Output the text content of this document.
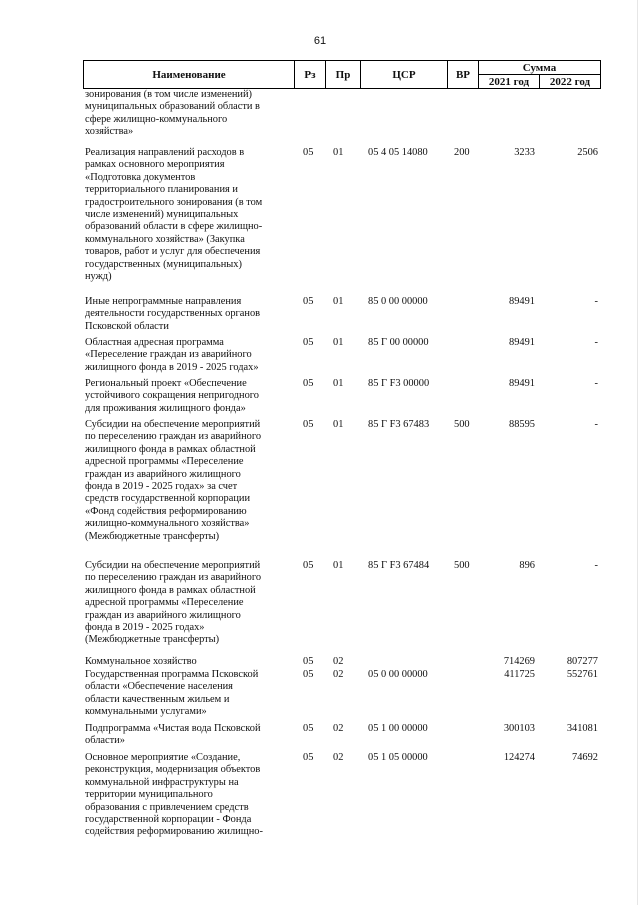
61
Наименование	Рз	Пр	ЦСР	ВР
Сумма
2021 год	2022 год
зонирования (в том числе изменений)
муниципальных образований области в
сфере жилищно-коммунального
хозяйства»
Реализация направлений расходов в
рамках основного мероприятия
«Подготовка документов
территориального планирования и
градостроительного зонирования (в том
числе изменений) муниципальных
образований области в сфере жилищно-
коммунального хозяйства» (Закупка
товаров, работ и услуг для обеспечения
государственных (муниципальных)
нужд)
05	01	05 4 05 14080	200	3233	2506
Иные непрограммные направления
деятельности государственных органов
Псковской области
05	01	85 0 00 00000	89491	-
Областная адресная программа
«Переселение граждан из аварийного
жилищного фонда в 2019 - 2025 годах»
05	01	85 Г 00 00000	89491	-
Региональный проект «Обеспечение
устойчивого сокращения непригодного
для проживания жилищного фонда»
05	01	85 Г F3 00000	89491	-
Субсидии на обеспечение мероприятий
по переселению граждан из аварийного
жилищного фонда в рамках областной
адресной программы «Переселение
граждан из аварийного жилищного
фонда в 2019 - 2025 годах» за счет
средств государственной корпорации
«Фонд содействия реформированию
жилищно-коммунального хозяйства»
(Межбюджетные трансферты)
05	01	85 Г F3 67483	500	88595	-
Субсидии на обеспечение мероприятий
по переселению граждан из аварийного
жилищного фонда в рамках областной
адресной программы «Переселение
граждан из аварийного жилищного
фонда в 2019 - 2025 годах»
(Межбюджетные трансферты)
05	01	85 Г F3 67484	500	896	-
Коммунальное хозяйство	05	02	714269	807277
Государственная программа Псковской
области «Обеспечение населения
области качественным жильем и
коммунальными услугами»
05	02	05 0 00 00000	411725	552761
Подпрограмма «Чистая вода Псковской
области»
05	02	05 1 00 00000	300103	341081
Основное мероприятие «Создание,
реконструкция, модернизация объектов
коммунальной инфраструктуры на
территории муниципального
образования с привлечением средств
государственной корпорации - Фонда
содействия реформированию жилищно-
05	02	05 1 05 00000	124274	74692
